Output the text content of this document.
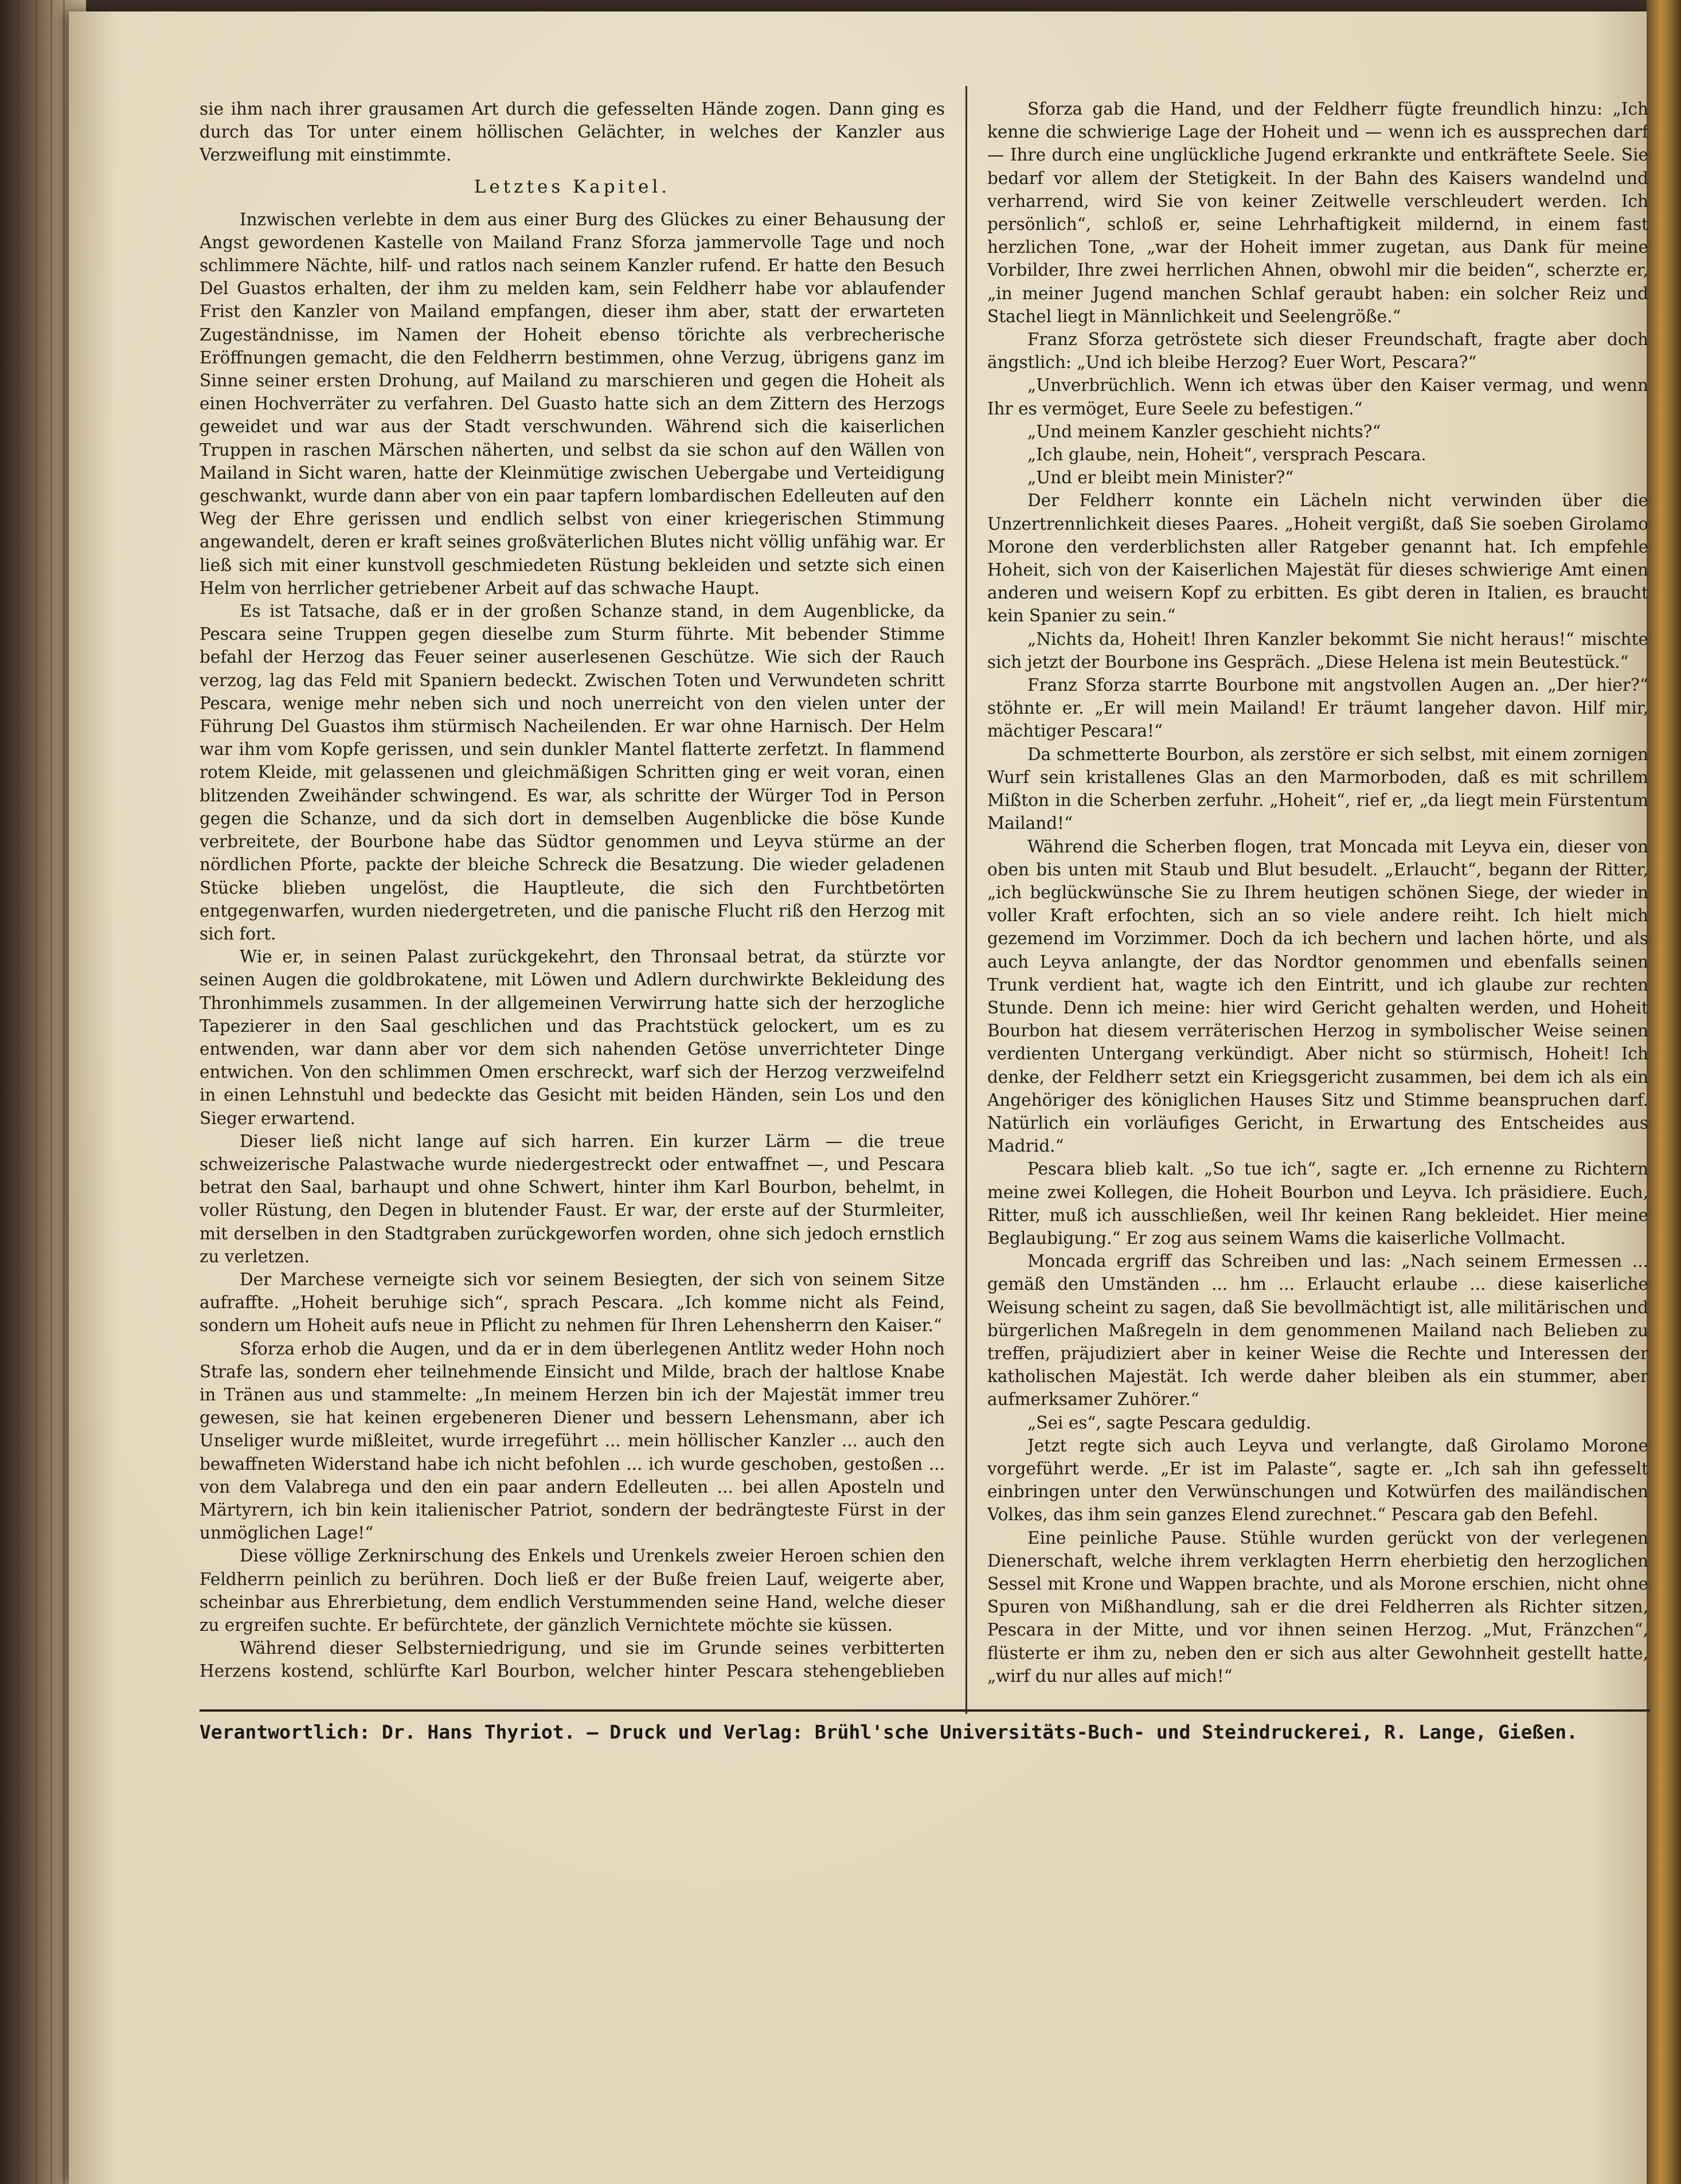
sie ihm nach ihrer grausamen Art durch die gefesselten Hände zogen. Dann ging es durch das Tor unter einem höllischen Gelächter, in welches der Kanzler aus Verzweiflung mit einstimmte.

Letztes Kapitel.

Inzwischen verlebte in dem aus einer Burg des Glückes zu einer Behausung der Angst gewordenen Kastelle von Mailand Franz Sforza jammervolle Tage und noch schlimmere Nächte, hilf- und ratlos nach seinem Kanzler rufend. Er hatte den Besuch Del Guastos erhalten, der ihm zu melden kam, sein Feldherr habe vor ablaufender Frist den Kanzler von Mailand empfangen, dieser ihm aber, statt der erwarteten Zugeständnisse, im Namen der Hoheit ebenso törichte als verbrecherische Eröffnungen gemacht, die den Feldherrn bestimmen, ohne Verzug, übrigens ganz im Sinne seiner ersten Drohung, auf Mailand zu marschieren und gegen die Hoheit als einen Hochverräter zu verfahren. Del Guasto hatte sich an dem Zittern des Herzogs geweidet und war aus der Stadt verschwunden. Während sich die kaiserlichen Truppen in raschen Märschen näherten, und selbst da sie schon auf den Wällen von Mailand in Sicht waren, hatte der Kleinmütige zwischen Uebergabe und Verteidigung geschwankt, wurde dann aber von ein paar tapfern lombardischen Edelleuten auf den Weg der Ehre gerissen und endlich selbst von einer kriegerischen Stimmung angewandelt, deren er kraft seines großväterlichen Blutes nicht völlig unfähig war. Er ließ sich mit einer kunstvoll geschmiedeten Rüstung bekleiden und setzte sich einen Helm von herrlicher getriebener Arbeit auf das schwache Haupt.

Es ist Tatsache, daß er in der großen Schanze stand, in dem Augenblicke, da Pescara seine Truppen gegen dieselbe zum Sturm führte. Mit bebender Stimme befahl der Herzog das Feuer seiner auserlesenen Geschütze. Wie sich der Rauch verzog, lag das Feld mit Spaniern bedeckt. Zwischen Toten und Verwundeten schritt Pescara, wenige mehr neben sich und noch unerreicht von den vielen unter der Führung Del Guastos ihm stürmisch Nacheilenden. Er war ohne Harnisch. Der Helm war ihm vom Kopfe gerissen, und sein dunkler Mantel flatterte zerfetzt. In flammend rotem Kleide, mit gelassenen und gleichmäßigen Schritten ging er weit voran, einen blitzenden Zweihänder schwingend. Es war, als schritte der Würger Tod in Person gegen die Schanze, und da sich dort in demselben Augenblicke die böse Kunde verbreitete, der Bourbone habe das Südtor genommen und Leyva stürme an der nördlichen Pforte, packte der bleiche Schreck die Besatzung. Die wieder geladenen Stücke blieben ungelöst, die Hauptleute, die sich den Furchtbetörten entgegenwarfen, wurden niedergetreten, und die panische Flucht riß den Herzog mit sich fort.

Wie er, in seinen Palast zurückgekehrt, den Thronsaal betrat, da stürzte vor seinen Augen die goldbrokatene, mit Löwen und Adlern durchwirkte Bekleidung des Thronhimmels zusammen. In der allgemeinen Verwirrung hatte sich der herzogliche Tapezierer in den Saal geschlichen und das Prachtstück gelockert, um es zu entwenden, war dann aber vor dem sich nahenden Getöse unverrichteter Dinge entwichen. Von den schlimmen Omen erschreckt, warf sich der Herzog verzweifelnd in einen Lehnstuhl und bedeckte das Gesicht mit beiden Händen, sein Los und den Sieger erwartend.

Dieser ließ nicht lange auf sich harren. Ein kurzer Lärm — die treue schweizerische Palastwache wurde niedergestreckt oder entwaffnet —, und Pescara betrat den Saal, barhaupt und ohne Schwert, hinter ihm Karl Bourbon, behelmt, in voller Rüstung, den Degen in blutender Faust. Er war, der erste auf der Sturmleiter, mit derselben in den Stadtgraben zurückgeworfen worden, ohne sich jedoch ernstlich zu verletzen.

Der Marchese verneigte sich vor seinem Besiegten, der sich von seinem Sitze aufraffte. „Hoheit beruhige sich“, sprach Pescara. „Ich komme nicht als Feind, sondern um Hoheit aufs neue in Pflicht zu nehmen für Ihren Lehensherrn den Kaiser.“

Sforza erhob die Augen, und da er in dem überlegenen Antlitz weder Hohn noch Strafe las, sondern eher teilnehmende Einsicht und Milde, brach der haltlose Knabe in Tränen aus und stammelte: „In meinem Herzen bin ich der Majestät immer treu gewesen, sie hat keinen ergebeneren Diener und bessern Lehensmann, aber ich Unseliger wurde mißleitet, wurde irregeführt ... mein höllischer Kanzler ... auch den bewaffneten Widerstand habe ich nicht befohlen ... ich wurde geschoben, gestoßen ... von dem Valabrega und den ein paar andern Edelleuten ... bei allen Aposteln und Märtyrern, ich bin kein italienischer Patriot, sondern der bedrängteste Fürst in der unmöglichen Lage!“

Diese völlige Zerknirschung des Enkels und Urenkels zweier Heroen schien den Feldherrn peinlich zu berühren. Doch ließ er der Buße freien Lauf, weigerte aber, scheinbar aus Ehrerbietung, dem endlich Verstummenden seine Hand, welche dieser zu ergreifen suchte. Er befürchtete, der gänzlich Vernichtete möchte sie küssen.

Während dieser Selbsterniedrigung, und sie im Grunde seines verbitterten Herzens kostend, schlürfte Karl Bourbon, welcher hinter Pescara stehengeblieben

Sforza gab die Hand, und der Feldherr fügte freundlich hinzu: „Ich kenne die schwierige Lage der Hoheit und — wenn ich es aussprechen darf — Ihre durch eine unglückliche Jugend erkrankte und entkräftete Seele. Sie bedarf vor allem der Stetigkeit. In der Bahn des Kaisers wandelnd und verharrend, wird Sie von keiner Zeitwelle verschleudert werden. Ich persönlich“, schloß er, seine Lehrhaftigkeit mildernd, in einem fast herzlichen Tone, „war der Hoheit immer zugetan, aus Dank für meine Vorbilder, Ihre zwei herrlichen Ahnen, obwohl mir die beiden“, scherzte er, „in meiner Jugend manchen Schlaf geraubt haben: ein solcher Reiz und Stachel liegt in Männlichkeit und Seelengröße.“

Franz Sforza getröstete sich dieser Freundschaft, fragte aber doch ängstlich: „Und ich bleibe Herzog? Euer Wort, Pescara?“

„Unverbrüchlich. Wenn ich etwas über den Kaiser vermag, und wenn Ihr es vermöget, Eure Seele zu befestigen.“

„Und meinem Kanzler geschieht nichts?“

„Ich glaube, nein, Hoheit“, versprach Pescara.

„Und er bleibt mein Minister?“

Der Feldherr konnte ein Lächeln nicht verwinden über die Unzertrennlichkeit dieses Paares. „Hoheit vergißt, daß Sie soeben Girolamo Morone den verderblichsten aller Ratgeber genannt hat. Ich empfehle Hoheit, sich von der Kaiserlichen Majestät für dieses schwierige Amt einen anderen und weisern Kopf zu erbitten. Es gibt deren in Italien, es braucht kein Spanier zu sein.“

„Nichts da, Hoheit! Ihren Kanzler bekommt Sie nicht heraus!“ mischte sich jetzt der Bourbone ins Gespräch. „Diese Helena ist mein Beutestück.“

Franz Sforza starrte Bourbone mit angstvollen Augen an. „Der hier?“ stöhnte er. „Er will mein Mailand! Er träumt langeher davon. Hilf mir, mächtiger Pescara!“

Da schmetterte Bourbon, als zerstöre er sich selbst, mit einem zornigen Wurf sein kristallenes Glas an den Marmorboden, daß es mit schrillem Mißton in die Scherben zerfuhr. „Hoheit“, rief er, „da liegt mein Fürstentum Mailand!“

Während die Scherben flogen, trat Moncada mit Leyva ein, dieser von oben bis unten mit Staub und Blut besudelt. „Erlaucht“, begann der Ritter, „ich beglückwünsche Sie zu Ihrem heutigen schönen Siege, der wieder in voller Kraft erfochten, sich an so viele andere reiht. Ich hielt mich gezemend im Vorzimmer. Doch da ich bechern und lachen hörte, und als auch Leyva anlangte, der das Nordtor genommen und ebenfalls seinen Trunk verdient hat, wagte ich den Eintritt, und ich glaube zur rechten Stunde. Denn ich meine: hier wird Gericht gehalten werden, und Hoheit Bourbon hat diesem verräterischen Herzog in symbolischer Weise seinen verdienten Untergang verkündigt. Aber nicht so stürmisch, Hoheit! Ich denke, der Feldherr setzt ein Kriegsgericht zusammen, bei dem ich als ein Angehöriger des königlichen Hauses Sitz und Stimme beanspruchen darf. Natürlich ein vorläufiges Gericht, in Erwartung des Entscheides aus Madrid.“

Pescara blieb kalt. „So tue ich“, sagte er. „Ich ernenne zu Richtern meine zwei Kollegen, die Hoheit Bourbon und Leyva. Ich präsidiere. Euch, Ritter, muß ich ausschließen, weil Ihr keinen Rang bekleidet. Hier meine Beglaubigung.“ Er zog aus seinem Wams die kaiserliche Vollmacht.

Moncada ergriff das Schreiben und las: „Nach seinem Ermessen ... gemäß den Umständen ... hm ... Erlaucht erlaube ... diese kaiserliche Weisung scheint zu sagen, daß Sie bevollmächtigt ist, alle militärischen und bürgerlichen Maßregeln in dem genommenen Mailand nach Belieben zu treffen, präjudiziert aber in keiner Weise die Rechte und Interessen der katholischen Majestät. Ich werde daher bleiben als ein stummer, aber aufmerksamer Zuhörer.“

„Sei es“, sagte Pescara geduldig.

Jetzt regte sich auch Leyva und verlangte, daß Girolamo Morone vorgeführt werde. „Er ist im Palaste“, sagte er. „Ich sah ihn gefesselt einbringen unter den Verwünschungen und Kotwürfen des mailändischen Volkes, das ihm sein ganzes Elend zurechnet.“ Pescara gab den Befehl.

Eine peinliche Pause. Stühle wurden gerückt von der verlegenen Dienerschaft, welche ihrem verklagten Herrn eherbietig den herzoglichen Sessel mit Krone und Wappen brachte, und als Morone erschien, nicht ohne Spuren von Mißhandlung, sah er die drei Feldherren als Richter sitzen, Pescara in der Mitte, und vor ihnen seinen Herzog. „Mut, Fränzchen“, flüsterte er ihm zu, neben den er sich aus alter Gewohnheit gestellt hatte, „wirf du nur alles auf mich!“

Verantwortlich: Dr. Hans Thyriot. — Druck und Verlag: Brühl'sche Universitäts-Buch- und Steindruckerei, R. Lange, Gießen.
